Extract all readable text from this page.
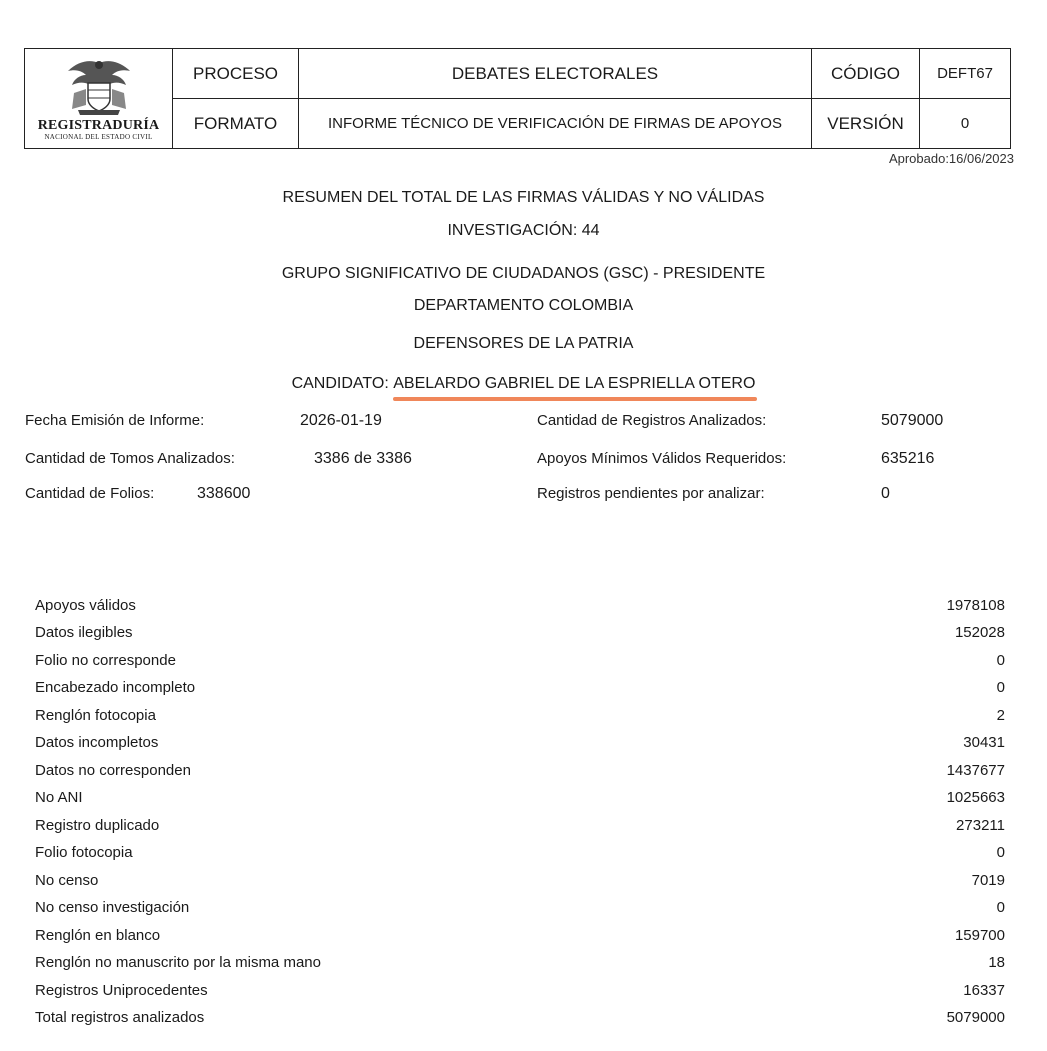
REGISTRADURÍA
NACIONAL DEL ESTADO CIVIL	PROCESO	DEBATES ELECTORALES	CÓDIGO	DEFT67
	FORMATO	INFORME TÉCNICO DE VERIFICACIÓN DE FIRMAS DE APOYOS	VERSIÓN	0
Aprobado:16/06/2023
RESUMEN DEL TOTAL DE LAS FIRMAS VÁLIDAS Y NO VÁLIDAS
INVESTIGACIÓN: 44
GRUPO SIGNIFICATIVO DE CIUDADANOS (GSC) - PRESIDENTE
DEPARTAMENTO COLOMBIA
DEFENSORES DE LA PATRIA
CANDIDATO: ABELARDO GABRIEL DE LA ESPRIELLA OTERO
Fecha Emisión de Informe:	2026-01-19
Cantidad de Tomos Analizados:	3386 de 3386
Cantidad de Folios:	338600
Cantidad de Registros Analizados:	5079000
Apoyos Mínimos Válidos Requeridos:	635216
Registros pendientes por analizar:	0
Apoyos válidos	1978108
Datos ilegibles	152028
Folio no corresponde	0
Encabezado incompleto	0
Renglón fotocopia	2
Datos incompletos	30431
Datos no corresponden	1437677
No ANI	1025663
Registro duplicado	273211
Folio fotocopia	0
No censo	7019
No censo investigación	0
Renglón en blanco	159700
Renglón no manuscrito por la misma mano	18
Registros Uniprocedentes	16337
Total registros analizados	5079000
